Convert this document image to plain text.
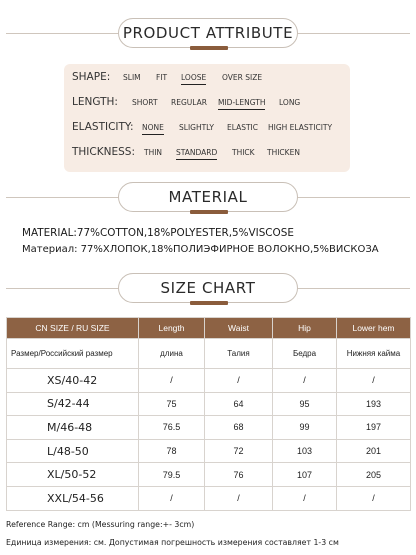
PRODUCT ATTRIBUTE
SHAPE: SLIM FIT LOOSE OVER SIZE
LENGTH: SHORT REGULAR MID-LENGTH LONG
ELASTICITY: NONE SLIGHTLY ELASTIC HIGH ELASTICITY
THICKNESS: THIN STANDARD THICK THICKEN
MATERIAL
MATERIAL:77%COTTON,18%POLYESTER,5%VISCOSE
Материал: 77%ХЛОПОК,18%ПОЛИЭФИРНОЕ ВОЛОКНО,5%ВИСКОЗА
SIZE CHART
CN SIZE / RU SIZE	Length	Waist	Hip	Lower hem
Размер/Российский размер	длина	Талия	Бедра	Нижняя кайма
XS/40-42	/	/	/	/
S/42-44	75	64	95	193
M/46-48	76.5	68	99	197
L/48-50	78	72	103	201
XL/50-52	79.5	76	107	205
XXL/54-56	/	/	/	/
Reference Range: cm (Messuring range:+- 3cm)
Единица измерения: см. Допустимая погрешность измерения составляет 1-3 см
